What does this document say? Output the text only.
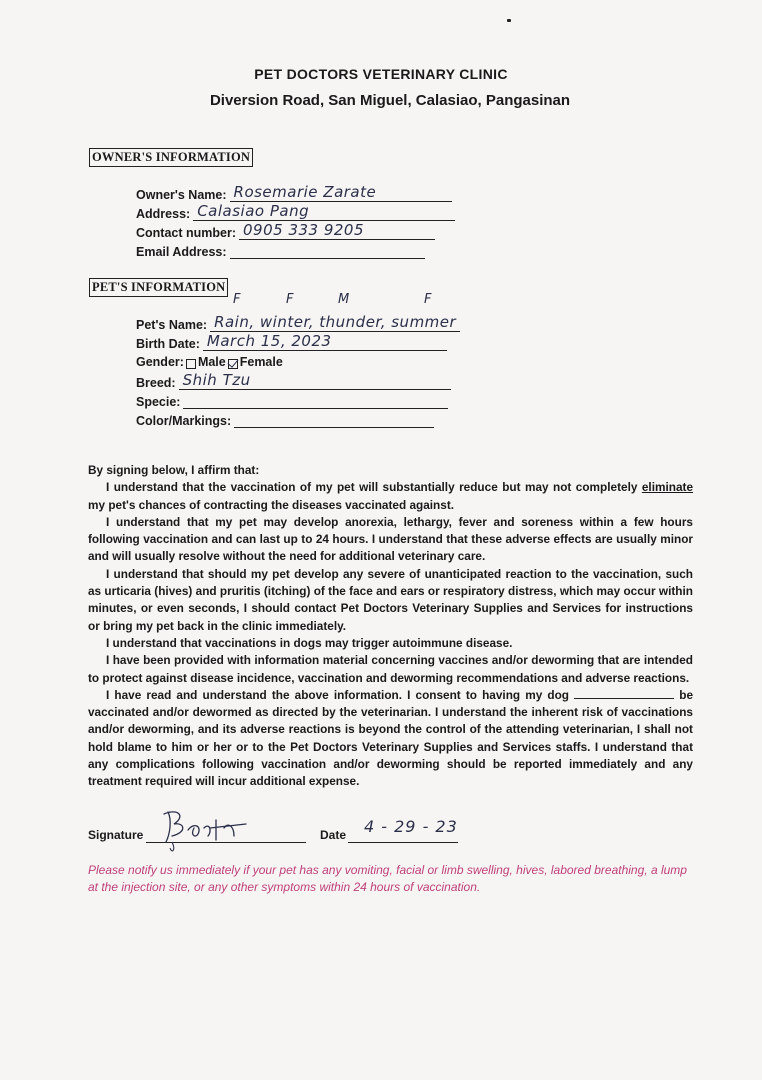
PET DOCTORS VETERINARY CLINIC
Diversion Road, San Miguel, Calasiao, Pangasinan
OWNER'S INFORMATION
Owner's Name: Rosemarie Zarate
Address: Calasiao Pang
Contact number: 0905 333 9205
Email Address:
PET'S INFORMATION
F	F	M	F
Pet's Name: Rain, winter, thunder, summer
Birth Date: March 15, 2023
Gender: Male Female
Breed: Shih Tzu
Specie:
Color/Markings:

By signing below, I affirm that:

I understand that the vaccination of my pet will substantially reduce but may not completely eliminate my pet's chances of contracting the diseases vaccinated against.

I understand that my pet may develop anorexia, lethargy, fever and soreness within a few hours following vaccination and can last up to 24 hours. I understand that these adverse effects are usually minor and will usually resolve without the need for additional veterinary care.

I understand that should my pet develop any severe of unanticipated reaction to the vaccination, such as urticaria (hives) and pruritis (itching) of the face and ears or respiratory distress, which may occur within minutes, or even seconds, I should contact Pet Doctors Veterinary Supplies and Services for instructions or bring my pet back in the clinic immediately.

I understand that vaccinations in dogs may trigger autoimmune disease.

I have been provided with information material concerning vaccines and/or deworming that are intended to protect against disease incidence, vaccination and deworming recommendations and adverse reactions.

I have read and understand the above information. I consent to having my dog	be vaccinated and/or dewormed as directed by the veterinarian. I understand the inherent risk of vaccinations and/or deworming, and its adverse reactions is beyond the control of the attending veterinarian, I shall not hold blame to him or her or to the Pet Doctors Veterinary Supplies and Services staffs. I understand that any complications following vaccination and/or deworming should be reported immediately and any treatment required will incur additional expense.

Signature	Date 4 - 29 - 23
Please notify us immediately if your pet has any vomiting, facial or limb swelling, hives, labored breathing, a lump at the injection site, or any other symptoms within 24 hours of vaccination.
